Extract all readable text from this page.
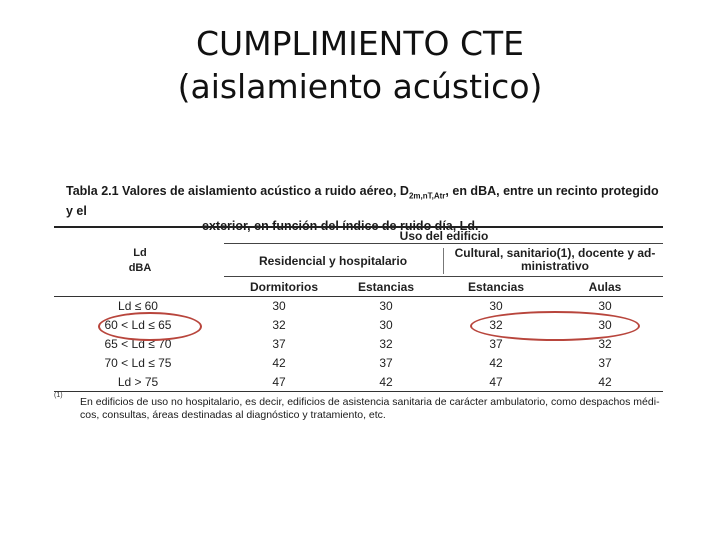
CUMPLIMIENTO CTE
(aislamiento acústico)
Tabla 2.1 Valores de aislamiento acústico a ruido aéreo, $D_{2m,nT,Atr}$, en dBA, entre un recinto protegido y el
Ld
dBA
Uso del edificio
Residencial y hospitalario
Cultural, sanitario(1), docente y ad-
ministrativo
Dormitorios	Estancias	Estancias	Aulas
Ld ≤ 60	30	30	30	30
60 < Ld ≤ 65	32	30	32	30
65 < Ld ≤ 70	37	32	37	32
70 < Ld ≤ 75	42	37	42	37
Ld > 75	47	42	47	42
(1)
En edificios de uso no hospitalario, es decir, edificios de asistencia sanitaria de carácter ambulatorio, como despachos médi-
cos, consultas, áreas destinadas al diagnóstico y tratamiento, etc.
